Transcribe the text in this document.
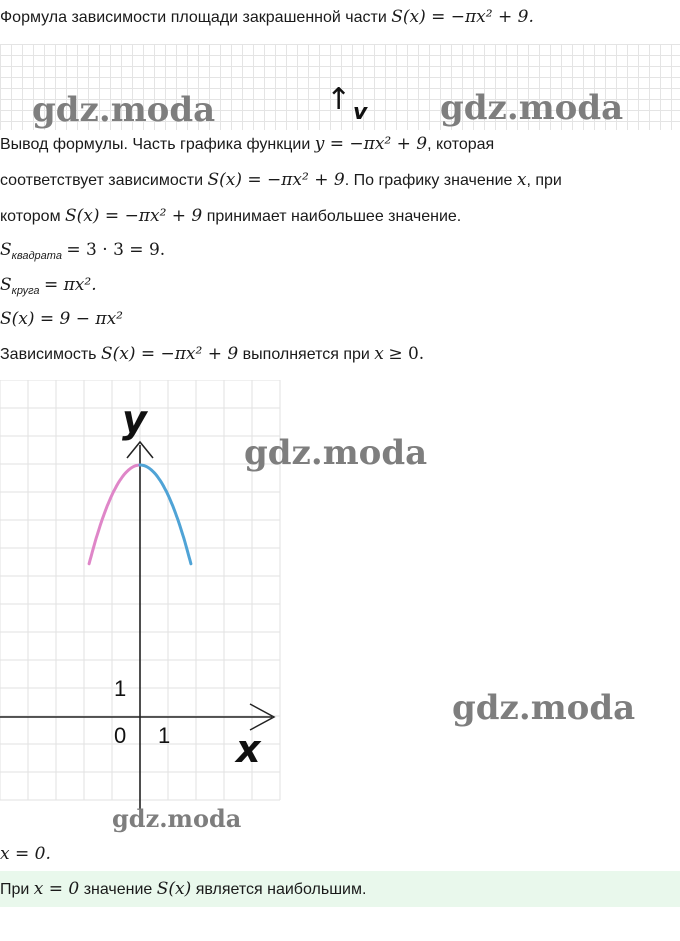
Формула зависимости площади закрашенной части S(x) = −πx² + 9.
↑ v
gdz.moda	gdz.moda
Вывод формулы. Часть графика функции y = −πx² + 9, которая
соответствует зависимости S(x) = −πx² + 9. По графику значение x, при
котором S(x) = −πx² + 9 принимает наибольшее значение.
$S_{квадрата} = 3 \cdot 3 = 9$.
$S_{круга} = \pi x^2$.
S(x) = 9 − πx²
Зависимость S(x) = −πx² + 9 выполняется при x ≥ 0.
y
x
1
0 1
gdz.moda
gdz.moda
gdz.moda
x = 0.
При x = 0 значение S(x) является наибольшим.
